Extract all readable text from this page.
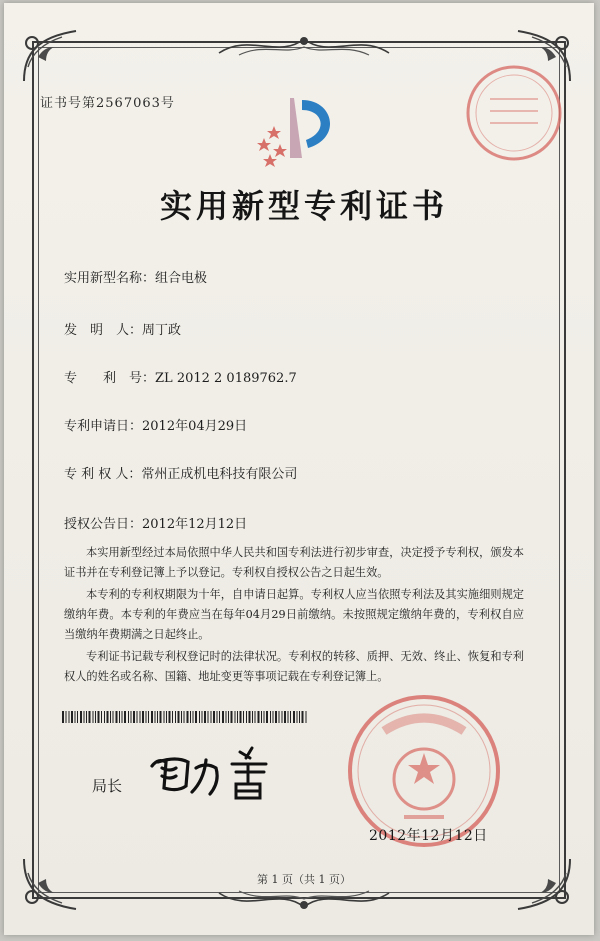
证书号第2567063号
实用新型专利证书
实用新型名称：组合电极
发　明　人：周丁政
专　　利　号：ZL 2012 2 0189762.7
专利申请日：2012年04月29日
专 利 权 人：常州正成机电科技有限公司
授权公告日：2012年12月12日
本实用新型经过本局依照中华人民共和国专利法进行初步审查，决定授予专利权，颁发本证书并在专利登记簿上予以登记。专利权自授权公告之日起生效。
本专利的专利权期限为十年，自申请日起算。专利权人应当依照专利法及其实施细则规定缴纳年费。本专利的年费应当在每年04月29日前缴纳。未按照规定缴纳年费的，专利权自应当缴纳年费期满之日起终止。
专利证书记载专利权登记时的法律状况。专利权的转移、质押、无效、终止、恢复和专利权人的姓名或名称、国籍、地址变更等事项记载在专利登记簿上。
局长
2012年12月12日
第 1 页（共 1 页）
